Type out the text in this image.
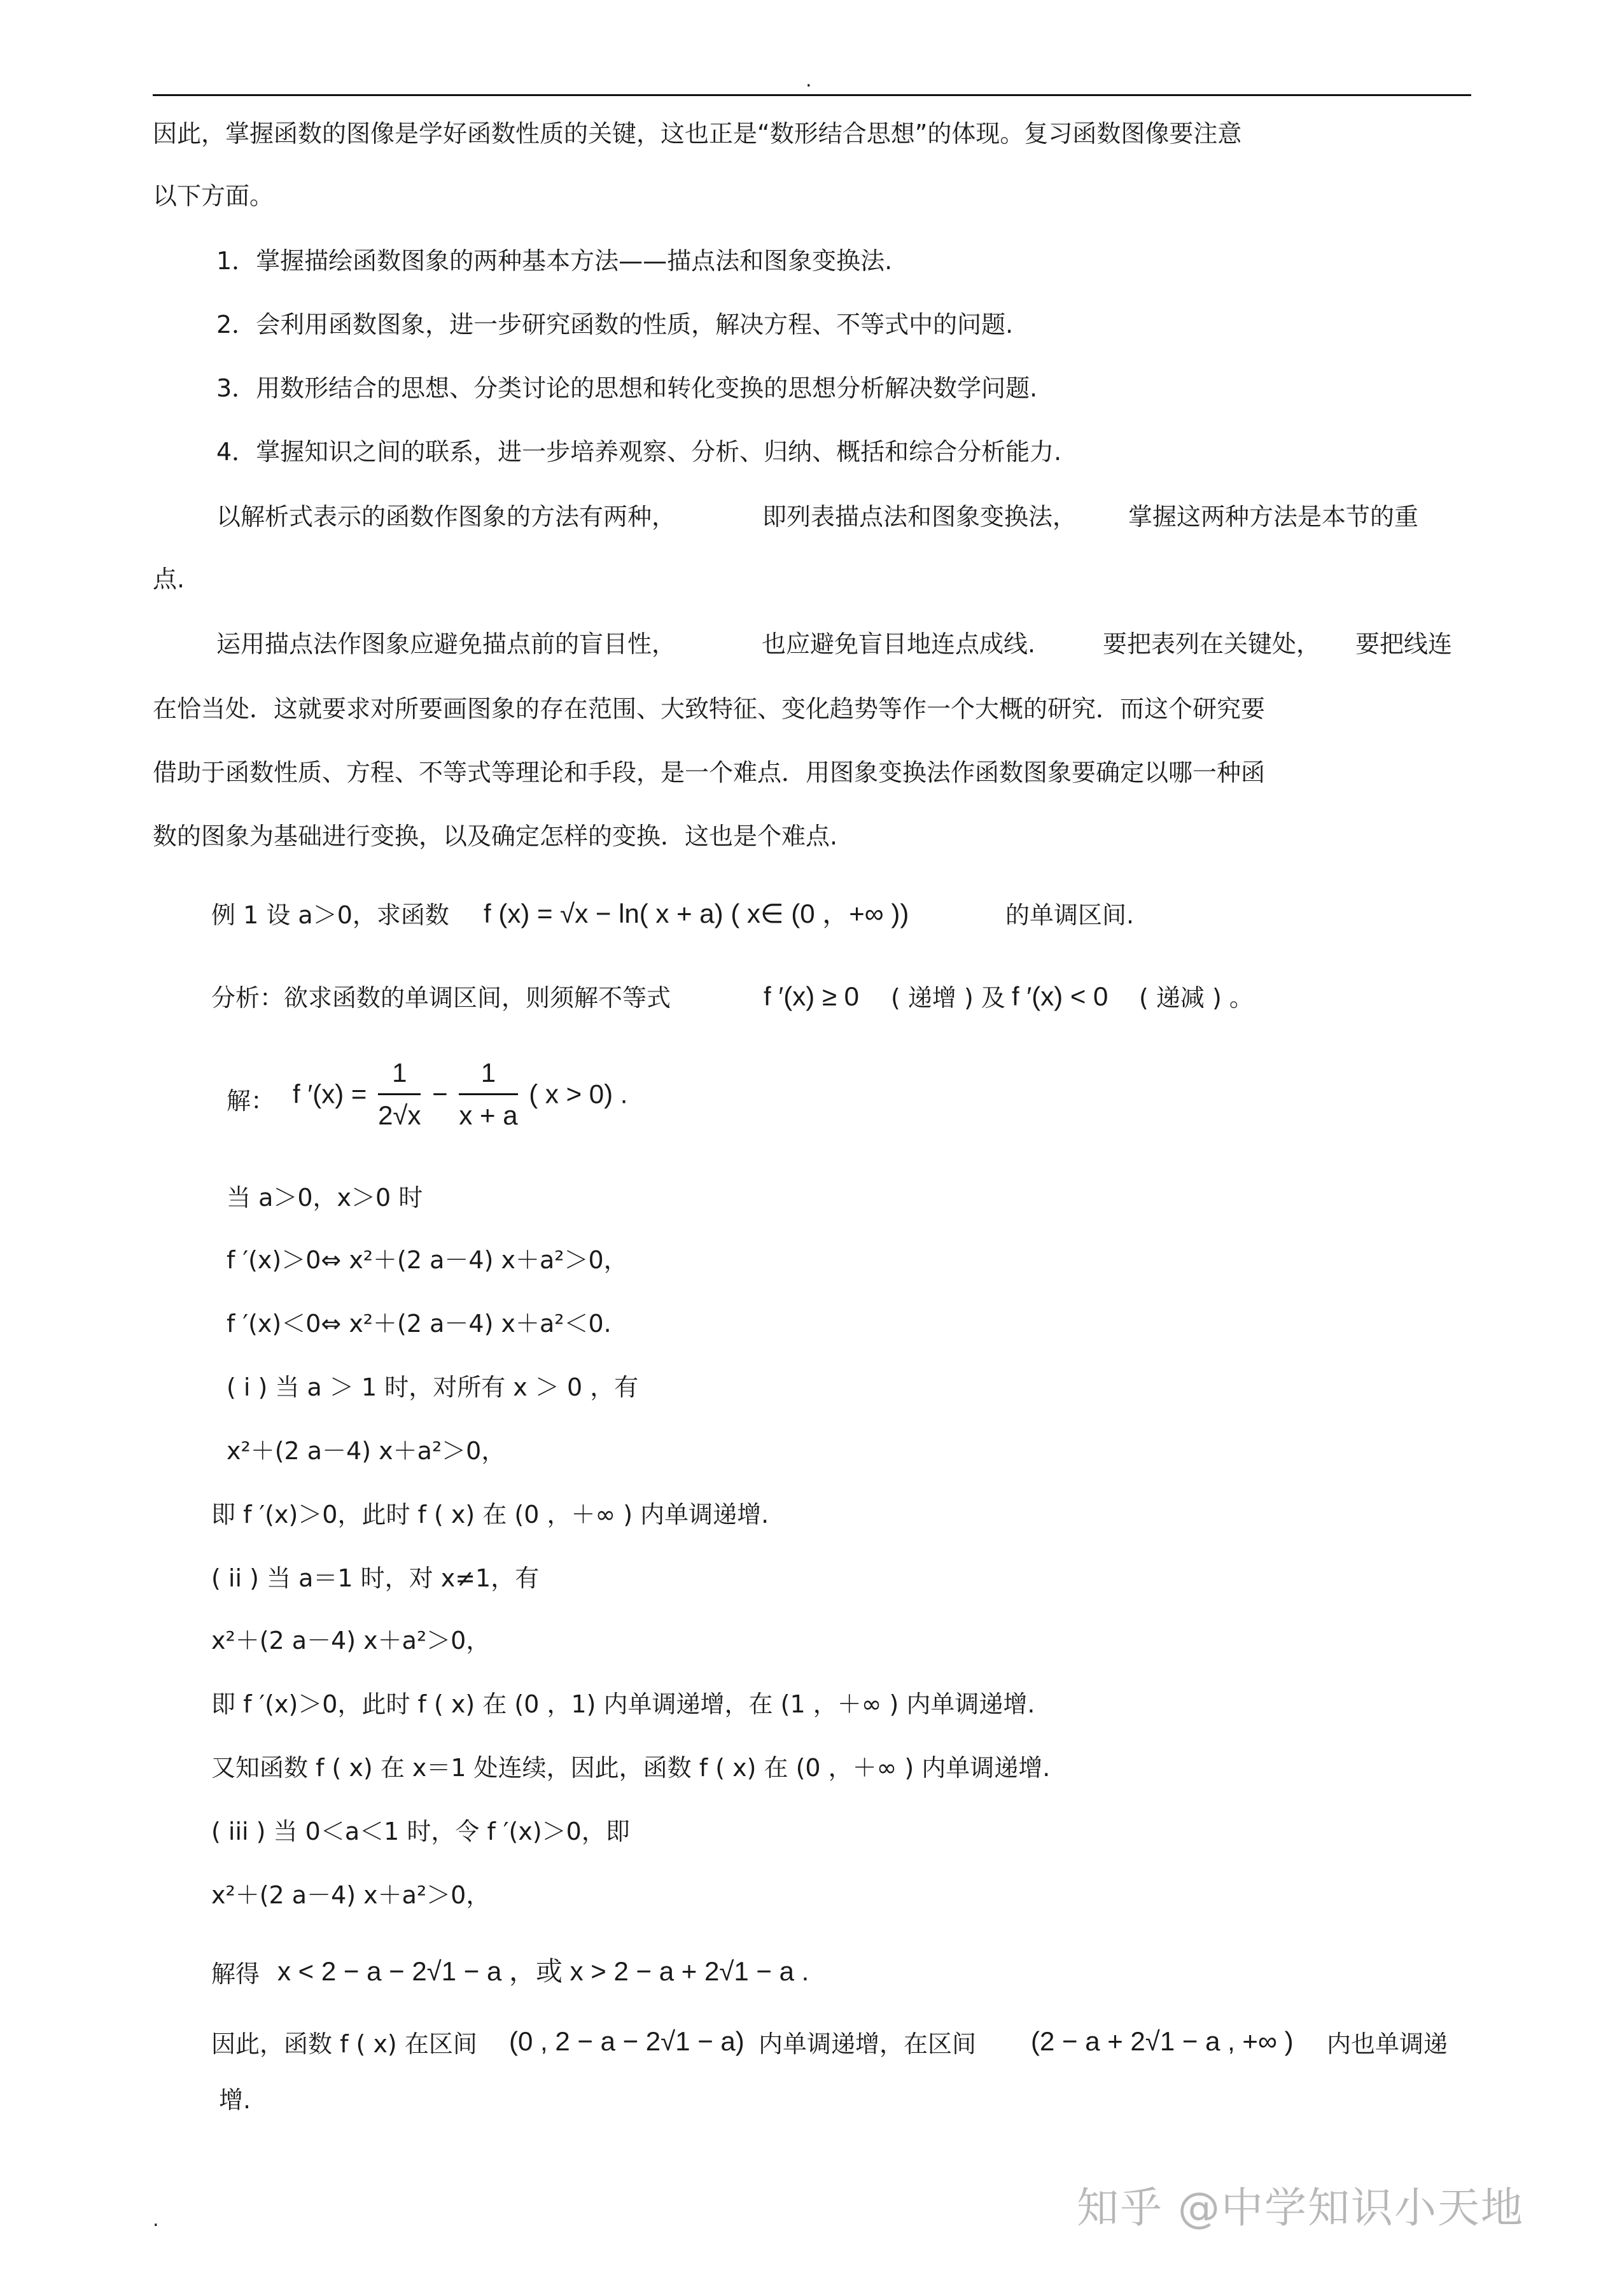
.
因此，掌握函数的图像是学好函数性质的关键，这也正是“数形结合思想”的体现。复习函数图像要注意
以下方面。
1．掌握描绘函数图象的两种基本方法——描点法和图象变换法.
2．会利用函数图象，进一步研究函数的性质，解决方程、不等式中的问题.
3．用数形结合的思想、分类讨论的思想和转化变换的思想分析解决数学问题.
4．掌握知识之间的联系，进一步培养观察、分析、归纳、概括和综合分析能力.
以解析式表示的函数作图象的方法有两种，	即列表描点法和图象变换法， 掌握这两种方法是本节的重
点.
运用描点法作图象应避免描点前的盲目性，	也应避免盲目地连点成线.	要把表列在关键处， 要把线连
在恰当处．这就要求对所要画图象的存在范围、大致特征、变化趋势等作一个大概的研究．而这个研究要
借助于函数性质、方程、不等式等理论和手段，是一个难点．用图象变换法作函数图象要确定以哪一种函
数的图象为基础进行变换，以及确定怎样的变换．这也是个难点.
例 1 设 a＞0，求函数 f (x) = √x − ln( x + a) ( x∈ (0 ，+∞ ))	的单调区间.
分析：欲求函数的单调区间，则须解不等式	f ′(x) ≥ 0 ( 递增 ) 及 f ′(x) < 0 ( 递减 ) 。
解： f $'(x) = \frac{1}{2√x} - \frac{1}{x + a}$ ( x > 0) .
当 a＞0，x＞0 时
f ′(x)＞0⇔ x²＋(2 a－4) x＋a²＞0，
f ′(x)＜0⇔ x²＋(2 a－4) x＋a²＜0.
( i ) 当 a ＞ 1 时，对所有 x ＞ 0 ，有
x²＋(2 a－4) x＋a²＞0，
即 f ′(x)＞0，此时 f ( x) 在 (0 ，＋∞ ) 内单调递增.
( ii ) 当 a＝1 时，对 x≠1，有
x²＋(2 a－4) x＋a²＞0，
即 f ′(x)＞0，此时 f ( x) 在 (0 ，1) 内单调递增，在 (1 ，＋∞ ) 内单调递增.
又知函数 f ( x) 在 x＝1 处连续，因此，函数 f ( x) 在 (0 ，＋∞ ) 内单调递增.
( iii ) 当 0＜a＜1 时，令 f ′(x)＞0，即
x²＋(2 a－4) x＋a²＞0，
解得 x < 2 − a − 2√1 − a ，或 x > 2 − a + 2√1 − a .
因此，函数 f ( x) 在区间 (0 , 2 − a − 2√1 − a) 内单调递增，在区间 (2 − a + 2√1 − a , +∞ ) 内也单调递
增.
.	知乎 @中学知识小天地
